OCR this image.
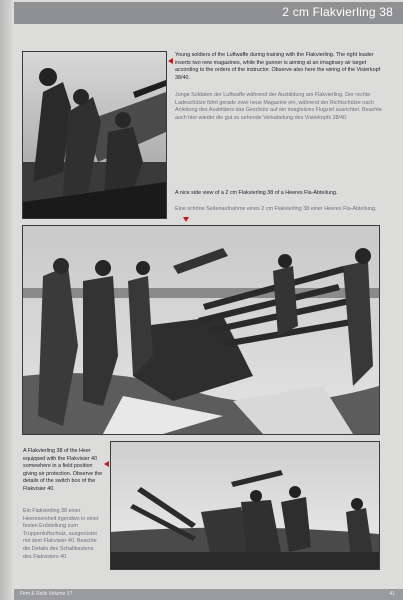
2 cm Flakvierling 38
Young soldiers of the Luftwaffe during training with the Flakvierling. The right loader inserts two new magazines, while the gunner is aiming at an imaginary air target according to the orders of the instructor. Observe also here the wiring of the Visierkopf 38/40.
Junge Soldaten der Luftwaffe während der Ausbildung am Flakvierling. Der rechte Ladeschütze führt gerade zwei neue Magazine ein, während der Richtschütze nach Anleitung des Ausbilders das Geschütz auf ein imaginäres Flugziel ausrichtet. Beachte auch hier wieder die gut zu sehende Verkabelung des Visierkopfs 38/40.
A nice side view of a 2 cm Flakvierling 38 of a Heeres Fla-Abteilung.
Eine schöne Seitenaufnahme eines 2 cm Flakvierling 38 einer Heeres Fla-Abteilung.
A Flakvierling 38 of the Heer equipped with the Flakvisier 40 somewhere in a field position giving air protection. Observe the details of the switch box of the Flakvisier 40.
Ein Flakvierling 38 einer Heereseinheit irgendwo in einer festen Erdstellung zum Truppenluftschutz, ausgerüstet mit dem Flakvisier 40. Beachte die Details des Schaltkastens des Flakvisiers 40.
Firm & Rolls Volume 17	41
